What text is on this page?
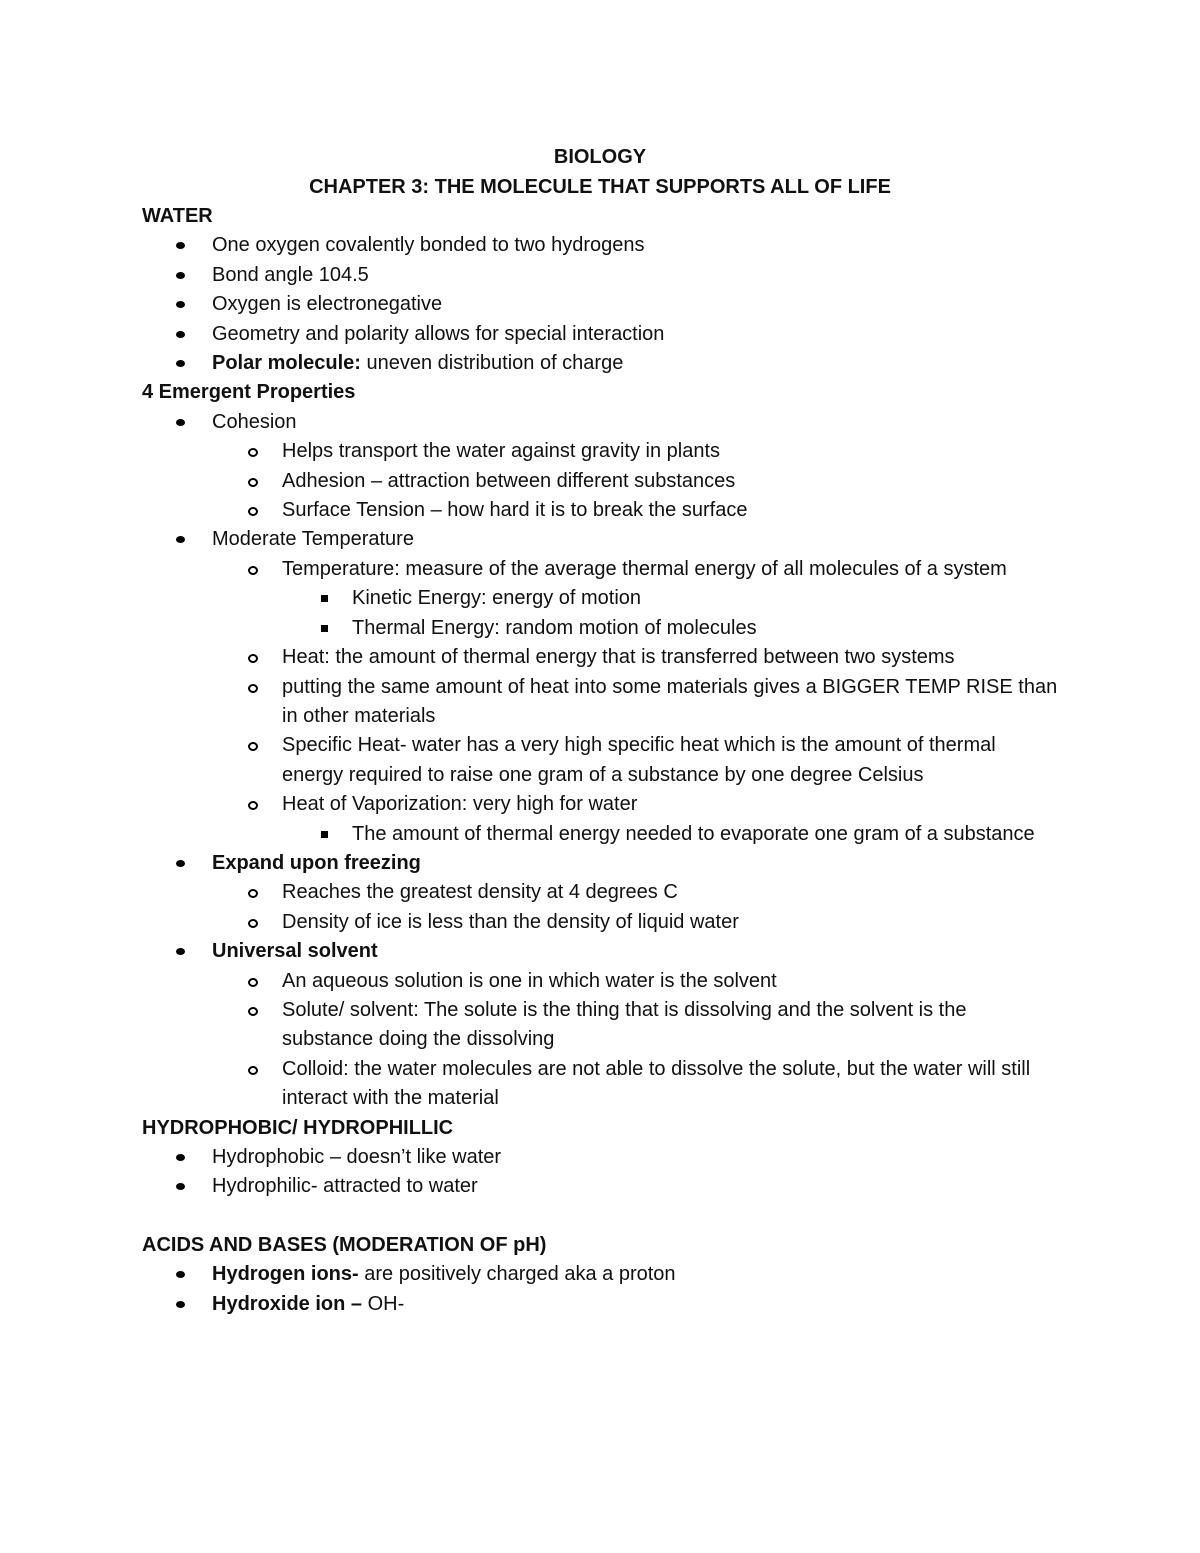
BIOLOGY
CHAPTER 3: THE MOLECULE THAT SUPPORTS ALL OF LIFE
WATER
One oxygen covalently bonded to two hydrogens
Bond angle 104.5
Oxygen is electronegative
Geometry and polarity allows for special interaction
Polar molecule: uneven distribution of charge
4 Emergent Properties
Cohesion
Helps transport the water against gravity in plants
Adhesion – attraction between different substances
Surface Tension – how hard it is to break the surface
Moderate Temperature
Temperature: measure of the average thermal energy of all molecules of a system
Kinetic Energy: energy of motion
Thermal Energy: random motion of molecules
Heat: the amount of thermal energy that is transferred between two systems
putting the same amount of heat into some materials gives a BIGGER TEMP RISE than in other materials
Specific Heat- water has a very high specific heat which is the amount of thermal energy required to raise one gram of a substance by one degree Celsius
Heat of Vaporization: very high for water
The amount of thermal energy needed to evaporate one gram of a substance
Expand upon freezing
Reaches the greatest density at 4 degrees C
Density of ice is less than the density of liquid water
Universal solvent
An aqueous solution is one in which water is the solvent
Solute/ solvent: The solute is the thing that is dissolving and the solvent is the substance doing the dissolving
Colloid: the water molecules are not able to dissolve the solute, but the water will still interact with the material
HYDROPHOBIC/ HYDROPHILLIC
Hydrophobic – doesn’t like water
Hydrophilic- attracted to water
ACIDS AND BASES (MODERATION OF pH)
Hydrogen ions- are positively charged aka a proton
Hydroxide ion – OH-
